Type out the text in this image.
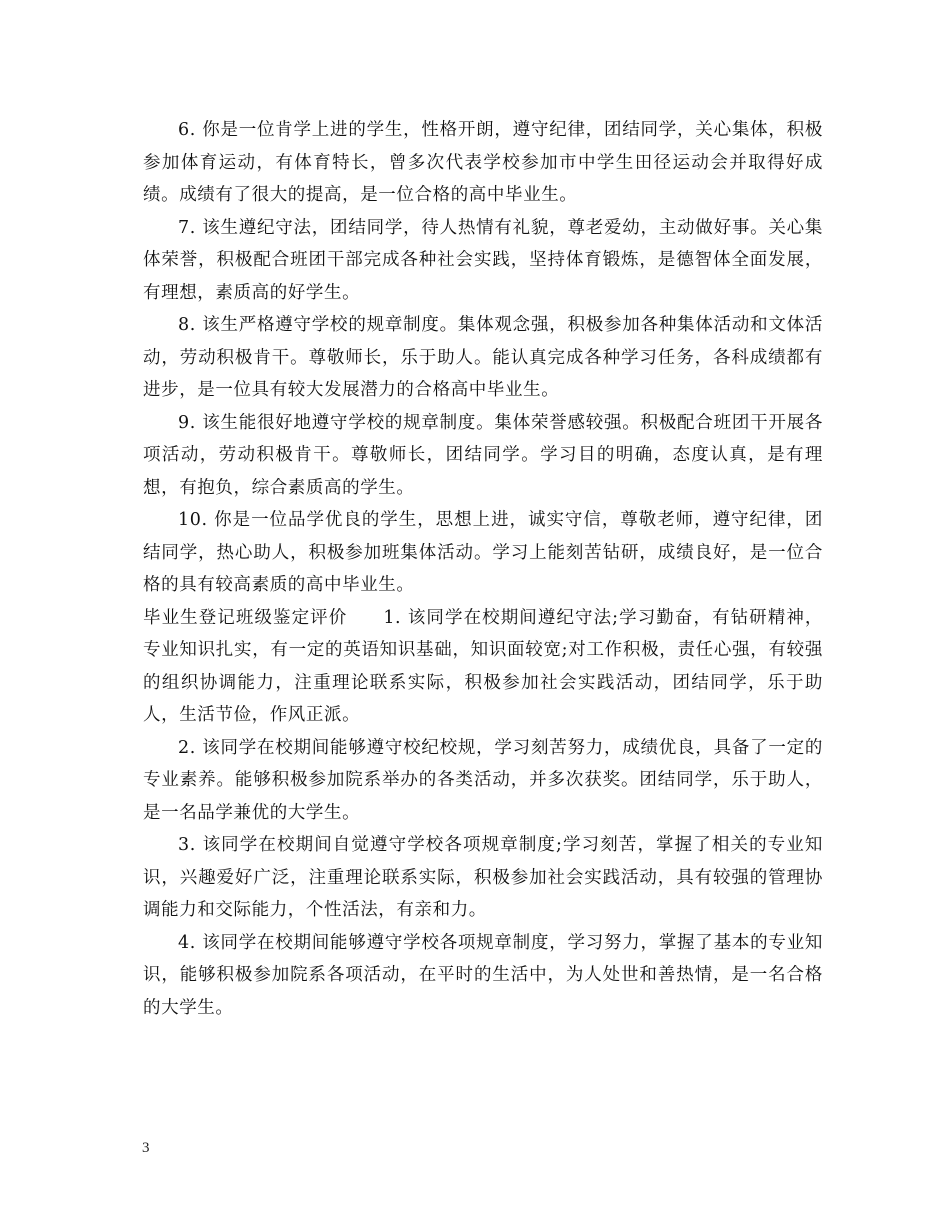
6. 你是一位肯学上进的学生，性格开朗，遵守纪律，团结同学，关心集体，积极参加体育运动，有体育特长，曾多次代表学校参加市中学生田径运动会并取得好成绩。成绩有了很大的提高，是一位合格的高中毕业生。

7. 该生遵纪守法，团结同学，待人热情有礼貌，尊老爱幼，主动做好事。关心集体荣誉，积极配合班团干部完成各种社会实践，坚持体育锻炼，是德智体全面发展，有理想，素质高的好学生。

8. 该生严格遵守学校的规章制度。集体观念强，积极参加各种集体活动和文体活动，劳动积极肯干。尊敬师长，乐于助人。能认真完成各种学习任务，各科成绩都有进步，是一位具有较大发展潜力的合格高中毕业生。

9. 该生能很好地遵守学校的规章制度。集体荣誉感较强。积极配合班团干开展各项活动，劳动积极肯干。尊敬师长，团结同学。学习目的明确，态度认真，是有理想，有抱负，综合素质高的学生。

10. 你是一位品学优良的学生，思想上进，诚实守信，尊敬老师，遵守纪律，团结同学，热心助人，积极参加班集体活动。学习上能刻苦钻研，成绩良好，是一位合格的具有较高素质的高中毕业生。

毕业生登记班级鉴定评价 1. 该同学在校期间遵纪守法;学习勤奋，有钻研精神，专业知识扎实，有一定的英语知识基础，知识面较宽;对工作积极，责任心强，有较强的组织协调能力，注重理论联系实际，积极参加社会实践活动，团结同学，乐于助人，生活节俭，作风正派。

2. 该同学在校期间能够遵守校纪校规，学习刻苦努力，成绩优良，具备了一定的专业素养。能够积极参加院系举办的各类活动，并多次获奖。团结同学，乐于助人，是一名品学兼优的大学生。

3. 该同学在校期间自觉遵守学校各项规章制度;学习刻苦，掌握了相关的专业知识，兴趣爱好广泛，注重理论联系实际，积极参加社会实践活动，具有较强的管理协调能力和交际能力，个性活法，有亲和力。

4. 该同学在校期间能够遵守学校各项规章制度，学习努力，掌握了基本的专业知识，能够积极参加院系各项活动，在平时的生活中，为人处世和善热情，是一名合格的大学生。

3
